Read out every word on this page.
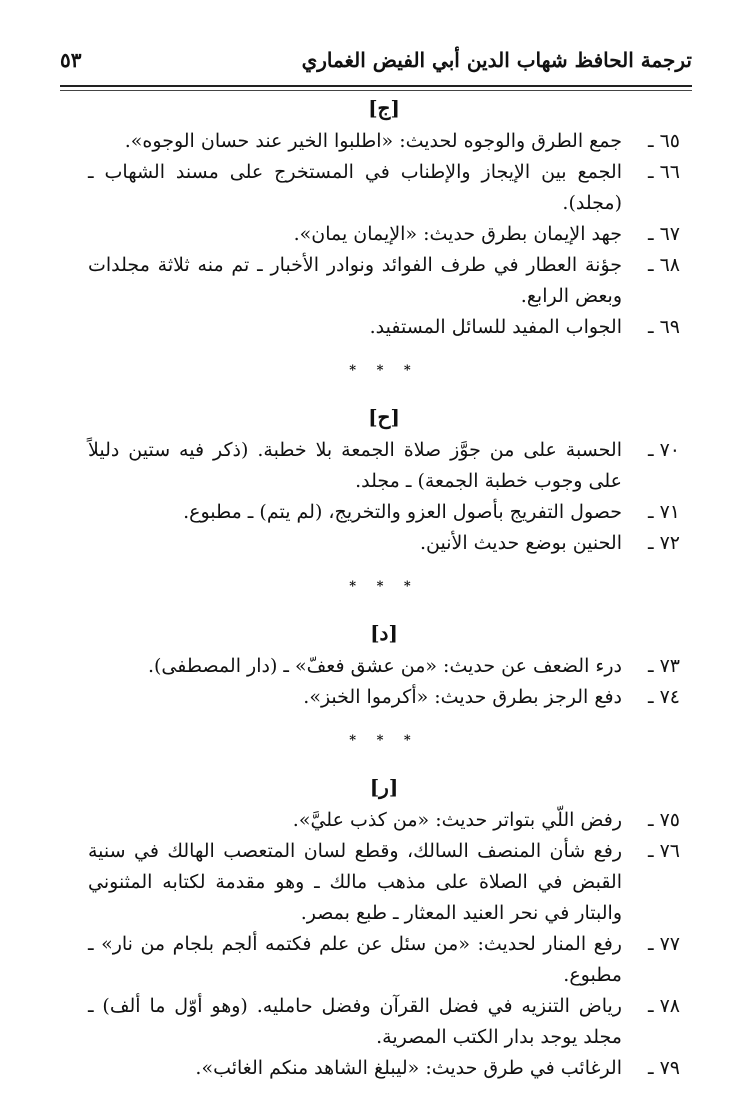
ترجمة الحافظ شهاب الدين أبي الفيض الغماري
٥٣

[ج]

٦٥ ـ
جمع الطرق والوجوه لحديث: «اطلبوا الخير عند حسان الوجوه».
٦٦ ـ
الجمع بين الإيجاز والإطناب في المستخرج على مسند الشهاب ـ (مجلد).
٦٧ ـ
جهد الإيمان بطرق حديث: «الإيمان يمان».
٦٨ ـ
جؤنة العطار في طرف الفوائد ونوادر الأخبار ـ تم منه ثلاثة مجلدات وبعض الرابع.
٦٩ ـ
الجواب المفيد للسائل المستفيد.

* * *

[ح]

٧٠ ـ
الحسبة على من جوَّز صلاة الجمعة بلا خطبة. (ذكر فيه ستين دليلاً على وجوب خطبة الجمعة) ـ مجلد.
٧١ ـ
حصول التفريج بأصول العزو والتخريج، (لم يتم) ـ مطبوع.
٧٢ ـ
الحنين بوضع حديث الأنين.

* * *

[د]

٧٣ ـ
درء الضعف عن حديث: «من عشق فعفّ» ـ (دار المصطفى).
٧٤ ـ
دفع الرجز بطرق حديث: «أكرموا الخبز».

* * *

[ر]

٧٥ ـ
رفض اللّي بتواتر حديث: «من كذب عليَّ».
٧٦ ـ
رفع شأن المنصف السالك، وقطع لسان المتعصب الهالك في سنية القبض في الصلاة على مذهب مالك ـ وهو مقدمة لكتابه المثنوني والبتار في نحر العنيد المعثار ـ طبع بمصر.
٧٧ ـ
رفع المنار لحديث: «من سئل عن علم فكتمه ألجم بلجام من نار» ـ مطبوع.
٧٨ ـ
رياض التنزيه في فضل القرآن وفضل حامليه. (وهو أوّل ما ألف) ـ مجلد يوجد بدار الكتب المصرية.
٧٩ ـ
الرغائب في طرق حديث: «ليبلغ الشاهد منكم الغائب».
